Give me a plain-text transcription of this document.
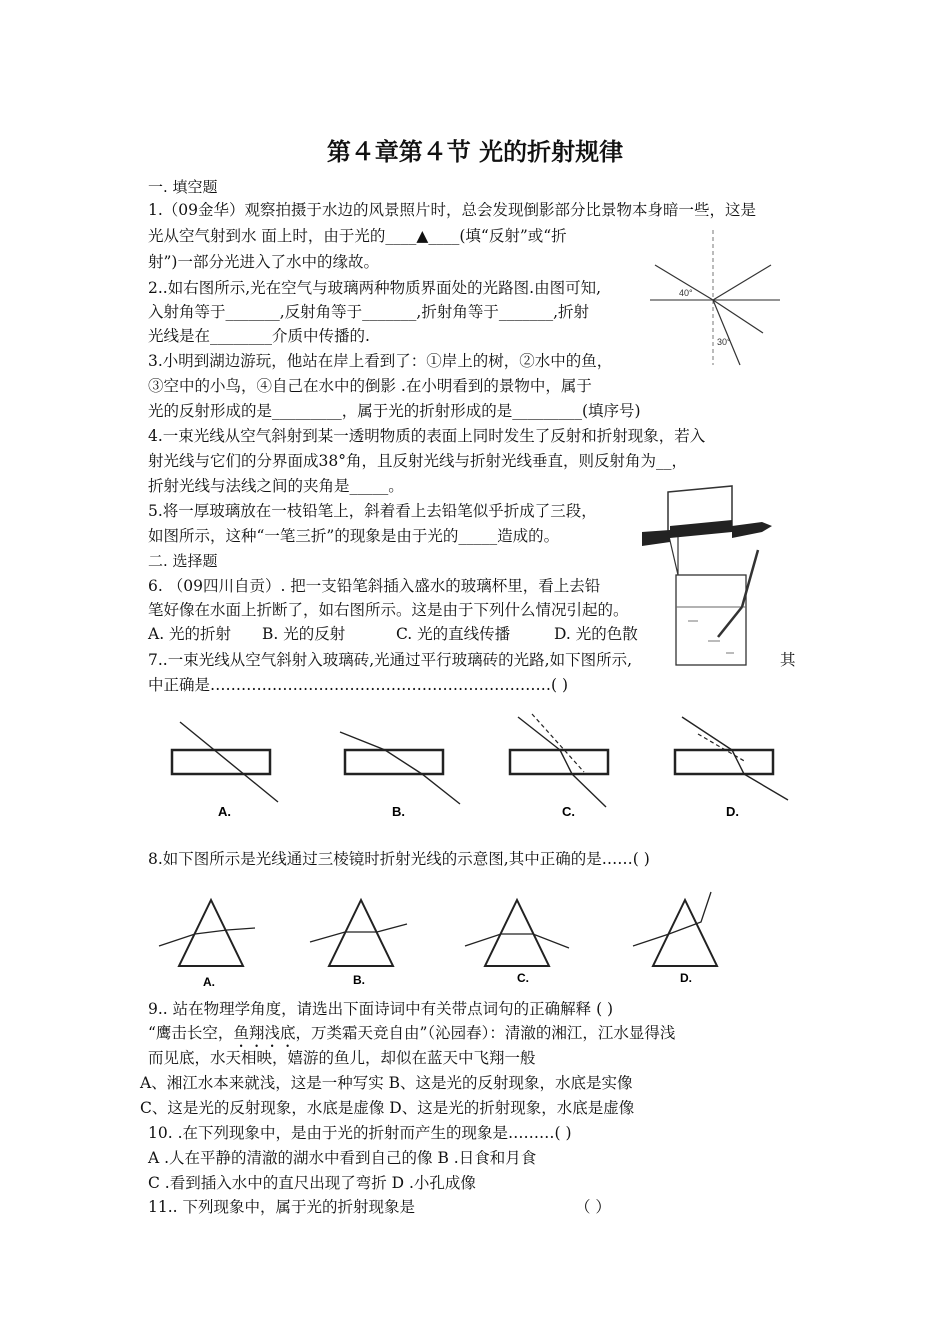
第４章第４节 光的折射规律
一. 填空题
1.（09金华）观察拍摄于水边的风景照片时，总会发现倒影部分比景物本身暗一些，这是
光从空气射到水 面上时，由于光的____▲____(填“反射”或“折
射”)一部分光进入了水中的缘故。
2..如右图所示,光在空气与玻璃两种物质界面处的光路图.由图可知,
入射角等于_______,反射角等于_______,折射角等于_______,折射
光线是在________介质中传播的.
3.小明到湖边游玩，他站在岸上看到了：①岸上的树，②水中的鱼，
③空中的小鸟，④自己在水中的倒影 .在小明看到的景物中，属于
光的反射形成的是_________，属于光的折射形成的是_________(填序号)
4.一束光线从空气斜射到某一透明物质的表面上同时发生了反射和折射现象，若入
射光线与它们的分界面成38°角，且反射光线与折射光线垂直，则反射角为__，
折射光线与法线之间的夹角是_____。
5.将一厚玻璃放在一枝铅笔上，斜着看上去铅笔似乎折成了三段，
如图所示，这种“一笔三折”的现象是由于光的_____造成的。
二. 选择题
6. （09四川自贡）. 把一支铅笔斜插入盛水的玻璃杯里，看上去铅
笔好像在水面上折断了，如右图所示。这是由于下列什么情况引起的。
A. 光的折射 B. 光的反射	C. 光的直线传播	D. 光的色散
7..一束光线从空气斜射入玻璃砖,光通过平行玻璃砖的光路,如下图所示,	其
中正确是…………………………………………………………( )
8.如下图所示是光线通过三棱镜时折射光线的示意图,其中正确的是……( )
9.. 站在物理学角度，请选出下面诗词中有关带点词句的正确解释 ( )
“鹰击长空，鱼翔浅底，万类霜天竞自由”（沁园春）：清澈的湘江，江水显得浅
而见底，水天相映，嬉游的鱼儿，却似在蓝天中飞翔一般
A、湘江水本来就浅，这是一种写实 B、这是光的反射现象，水底是实像
C、这是光的反射现象，水底是虚像 D、这是光的折射现象，水底是虚像
10. .在下列现象中，是由于光的折射而产生的现象是………( )
A .人在平静的清澈的湖水中看到自己的像 B .日食和月食
C .看到插入水中的直尺出现了弯折 D .小孔成像
11.. 下列现象中，属于光的折射现象是	（ ）
40°
30°
A.	B.	C.	D.
A.	B.	C.	D.
